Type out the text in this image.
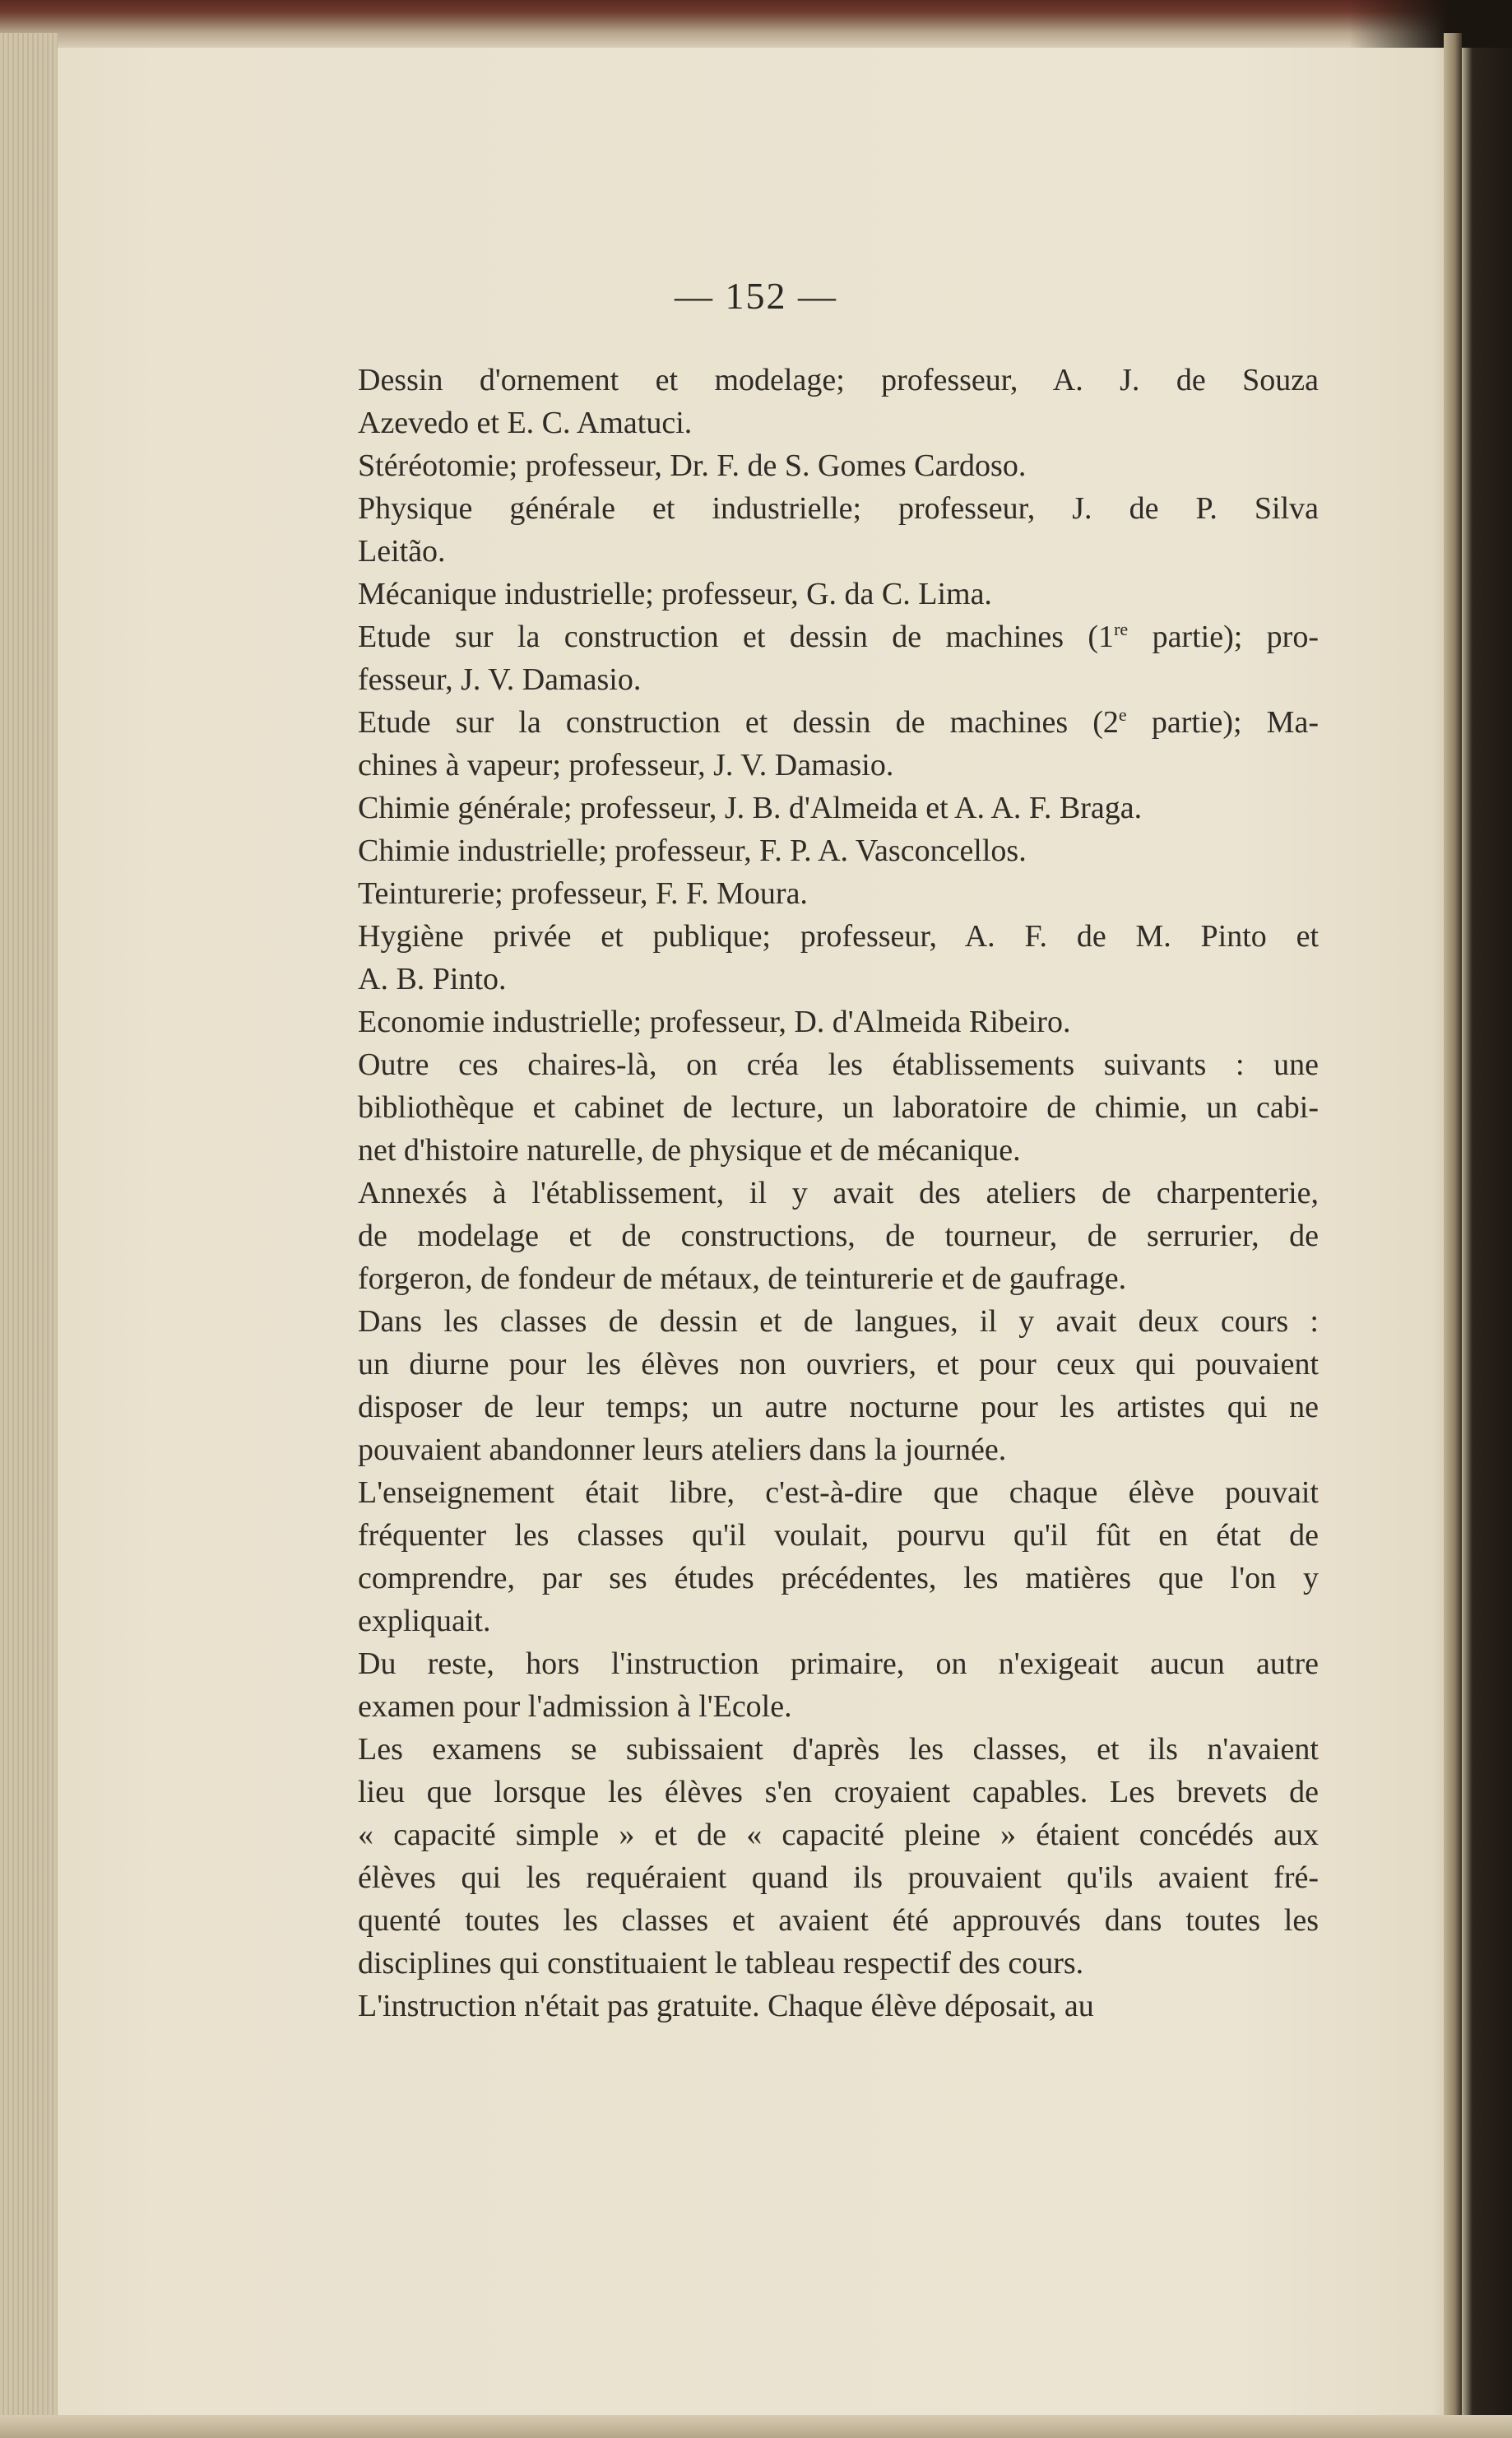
— 152 —

Dessin d'ornement et modelage; professeur, A. J. de Souza
Azevedo et E. C. Amatuci.

Stéréotomie; professeur, Dr. F. de S. Gomes Cardoso.

Physique générale et industrielle; professeur, J. de P. Silva
Leitão.

Mécanique industrielle; professeur, G. da C. Lima.

Etude sur la construction et dessin de machines (1re partie); pro-
fesseur, J. V. Damasio.

Etude sur la construction et dessin de machines (2e partie); Ma-
chines à vapeur; professeur, J. V. Damasio.

Chimie générale; professeur, J. B. d'Almeida et A. A. F. Braga.

Chimie industrielle; professeur, F. P. A. Vasconcellos.

Teinturerie; professeur, F. F. Moura.

Hygiène privée et publique; professeur, A. F. de M. Pinto et
A. B. Pinto.

Economie industrielle; professeur, D. d'Almeida Ribeiro.

Outre ces chaires-là, on créa les établissements suivants : une
bibliothèque et cabinet de lecture, un laboratoire de chimie, un cabi-
net d'histoire naturelle, de physique et de mécanique.

Annexés à l'établissement, il y avait des ateliers de charpenterie,
de modelage et de constructions, de tourneur, de serrurier, de
forgeron, de fondeur de métaux, de teinturerie et de gaufrage.

Dans les classes de dessin et de langues, il y avait deux cours :
un diurne pour les élèves non ouvriers, et pour ceux qui pouvaient
disposer de leur temps; un autre nocturne pour les artistes qui ne
pouvaient abandonner leurs ateliers dans la journée.

L'enseignement était libre, c'est-à-dire que chaque élève pouvait
fréquenter les classes qu'il voulait, pourvu qu'il fût en état de
comprendre, par ses études précédentes, les matières que l'on y
expliquait.

Du reste, hors l'instruction primaire, on n'exigeait aucun autre
examen pour l'admission à l'Ecole.

Les examens se subissaient d'après les classes, et ils n'avaient
lieu que lorsque les élèves s'en croyaient capables. Les brevets de
« capacité simple » et de « capacité pleine » étaient concédés aux
élèves qui les requéraient quand ils prouvaient qu'ils avaient fré-
quenté toutes les classes et avaient été approuvés dans toutes les
disciplines qui constituaient le tableau respectif des cours.

L'instruction n'était pas gratuite. Chaque élève déposait, au
